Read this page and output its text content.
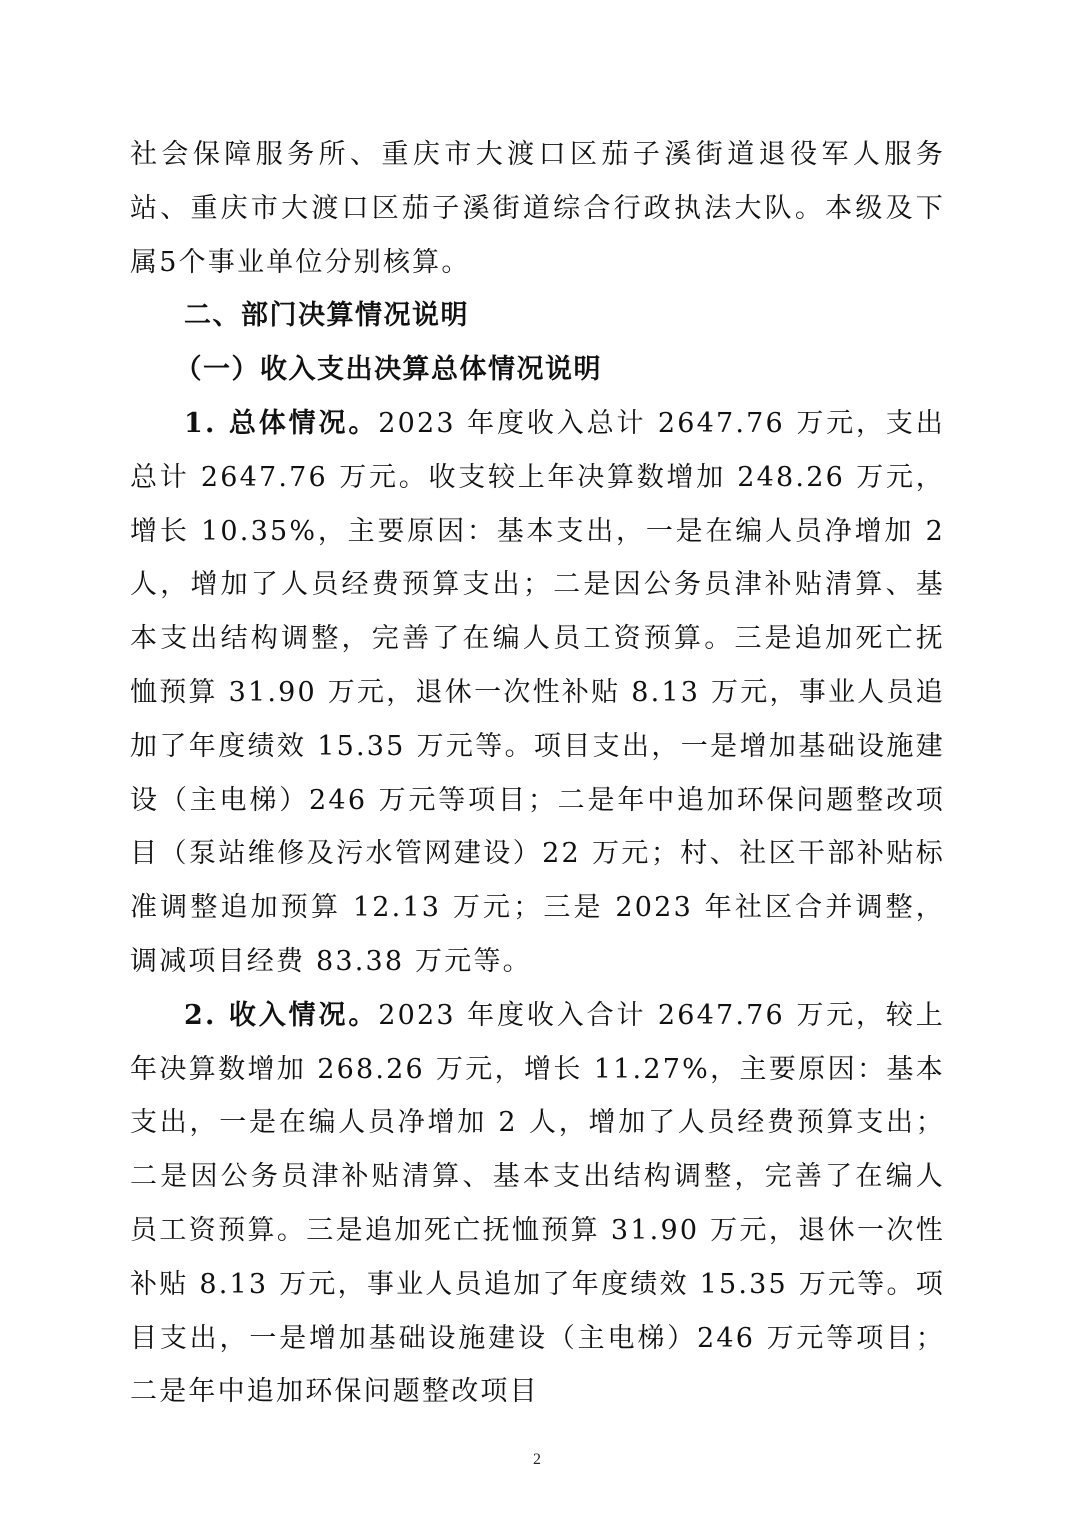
社会保障服务所、重庆市大渡口区茄子溪街道退役军人服务站、重庆市大渡口区茄子溪街道综合行政执法大队。本级及下属5个事业单位分别核算。

二、部门决算情况说明

（一）收入支出决算总体情况说明

1. 总体情况。2023 年度收入总计 2647.76 万元，支出总计 2647.76 万元。收支较上年决算数增加 248.26 万元，增长 10.35%，主要原因：基本支出，一是在编人员净增加 2 人，增加了人员经费预算支出；二是因公务员津补贴清算、基本支出结构调整，完善了在编人员工资预算。三是追加死亡抚恤预算 31.90 万元，退休一次性补贴 8.13 万元，事业人员追加了年度绩效 15.35 万元等。项目支出，一是增加基础设施建设（主电梯）246 万元等项目；二是年中追加环保问题整改项目（泵站维修及污水管网建设）22 万元；村、社区干部补贴标准调整追加预算 12.13 万元；三是 2023 年社区合并调整，调减项目经费 83.38 万元等。

2. 收入情况。2023 年度收入合计 2647.76 万元，较上年决算数增加 268.26 万元，增长 11.27%，主要原因：基本支出，一是在编人员净增加 2 人，增加了人员经费预算支出；二是因公务员津补贴清算、基本支出结构调整，完善了在编人员工资预算。三是追加死亡抚恤预算 31.90 万元，退休一次性补贴 8.13 万元，事业人员追加了年度绩效 15.35 万元等。项目支出，一是增加基础设施建设（主电梯）246 万元等项目；二是年中追加环保问题整改项目

2
